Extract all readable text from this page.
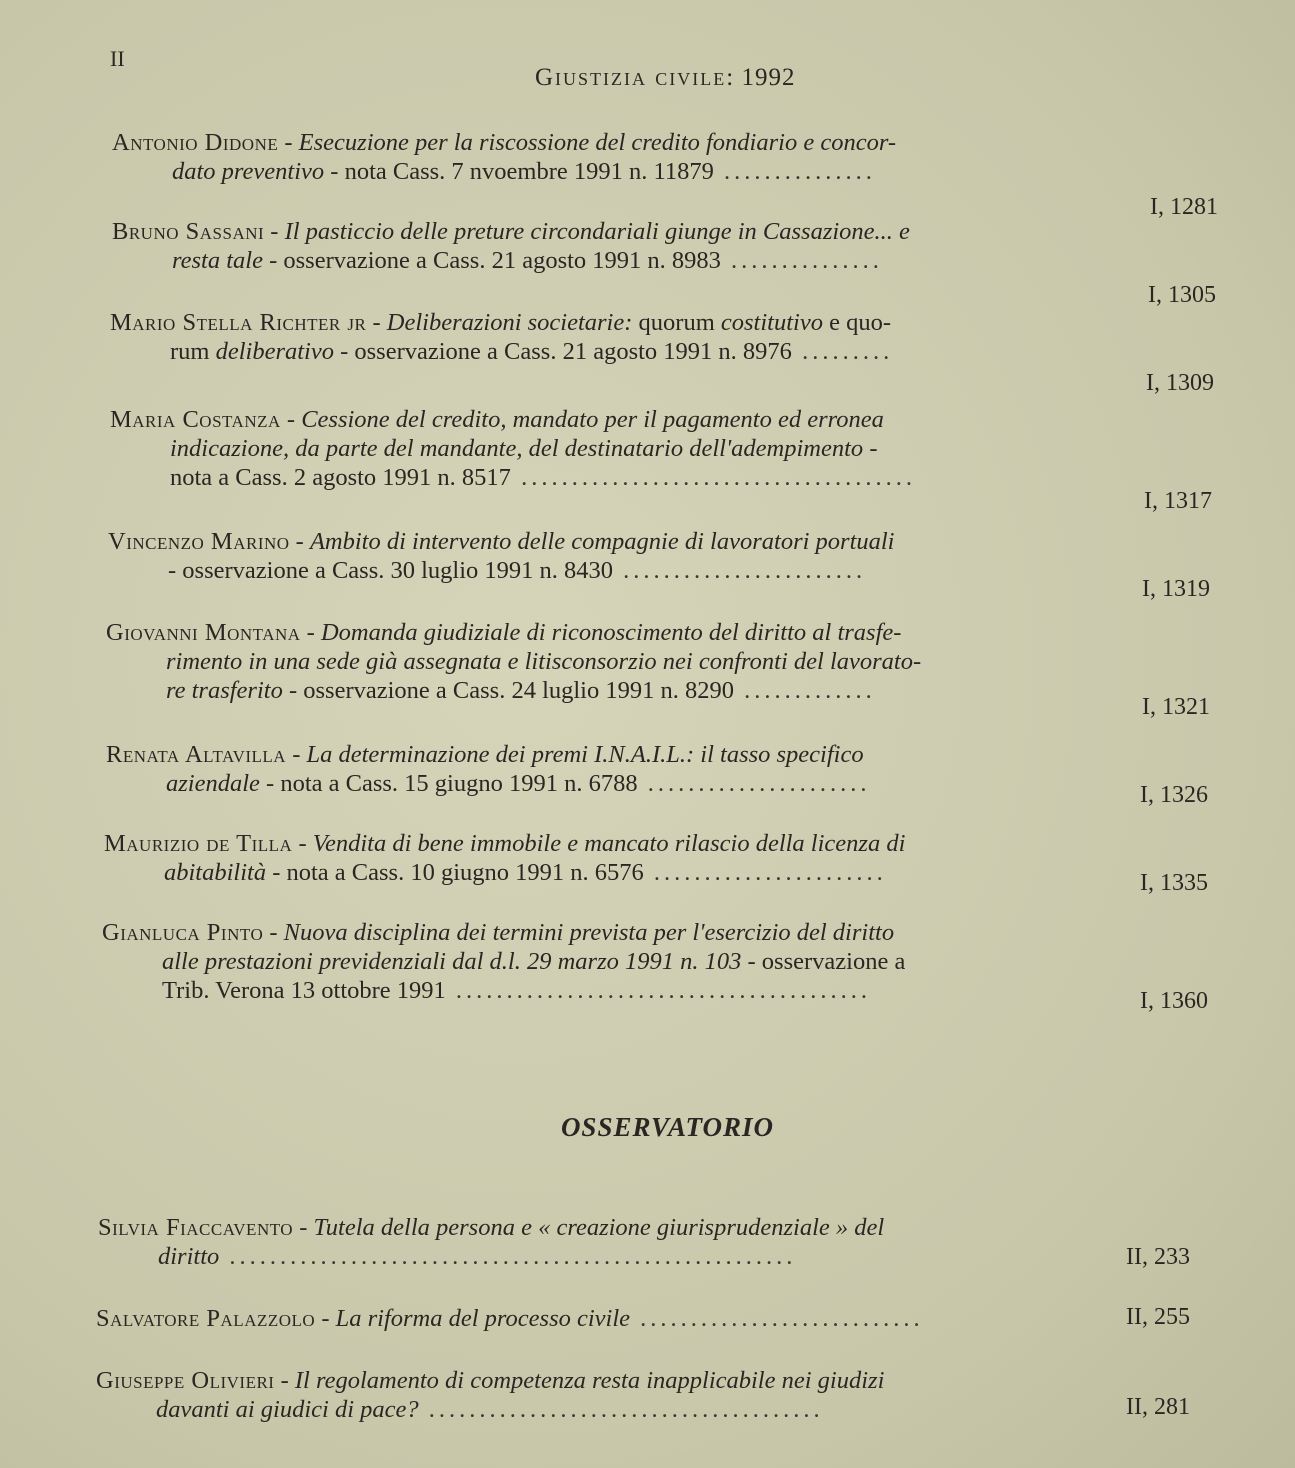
II
Giustizia civile: 1992
Antonio Didone - Esecuzione per la riscossione del credito fondiario e concor-
dato preventivo - nota Cass. 7 nvoembre 1991 n. 11879 ...............
I, 1281
Bruno Sassani - Il pasticcio delle preture circondariali giunge in Cassazione... e
resta tale - osservazione a Cass. 21 agosto 1991 n. 8983 ...............
I, 1305
Mario Stella Richter jr - Deliberazioni societarie: quorum costitutivo e quo-
rum deliberativo - osservazione a Cass. 21 agosto 1991 n. 8976 .........
I, 1309
Maria Costanza - Cessione del credito, mandato per il pagamento ed erronea
indicazione, da parte del mandante, del destinatario dell'adempimento -
nota a Cass. 2 agosto 1991 n. 8517 .......................................
I, 1317
Vincenzo Marino - Ambito di intervento delle compagnie di lavoratori portuali
- osservazione a Cass. 30 luglio 1991 n. 8430 ........................
I, 1319
Giovanni Montana - Domanda giudiziale di riconoscimento del diritto al trasfe-
rimento in una sede già assegnata e litisconsorzio nei confronti del lavorato-
re trasferito - osservazione a Cass. 24 luglio 1991 n. 8290 .............
I, 1321
Renata Altavilla - La determinazione dei premi I.N.A.I.L.: il tasso specifico
aziendale - nota a Cass. 15 giugno 1991 n. 6788 ......................	I, 1326
Maurizio de Tilla - Vendita di bene immobile e mancato rilascio della licenza di
abitabilità - nota a Cass. 10 giugno 1991 n. 6576 .......................	I, 1335
Gianluca Pinto - Nuova disciplina dei termini prevista per l'esercizio del diritto
alle prestazioni previdenziali dal d.l. 29 marzo 1991 n. 103 - osservazione a
Trib. Verona 13 ottobre 1991 .........................................	I, 1360
OSSERVATORIO
Silvia Fiaccavento - Tutela della persona e « creazione giurisprudenziale » del
diritto ........................................................	II, 233
Salvatore Palazzolo - La riforma del processo civile ............................	II, 255
Giuseppe Olivieri - Il regolamento di competenza resta inapplicabile nei giudizi
davanti ai giudici di pace? .......................................	II, 281
